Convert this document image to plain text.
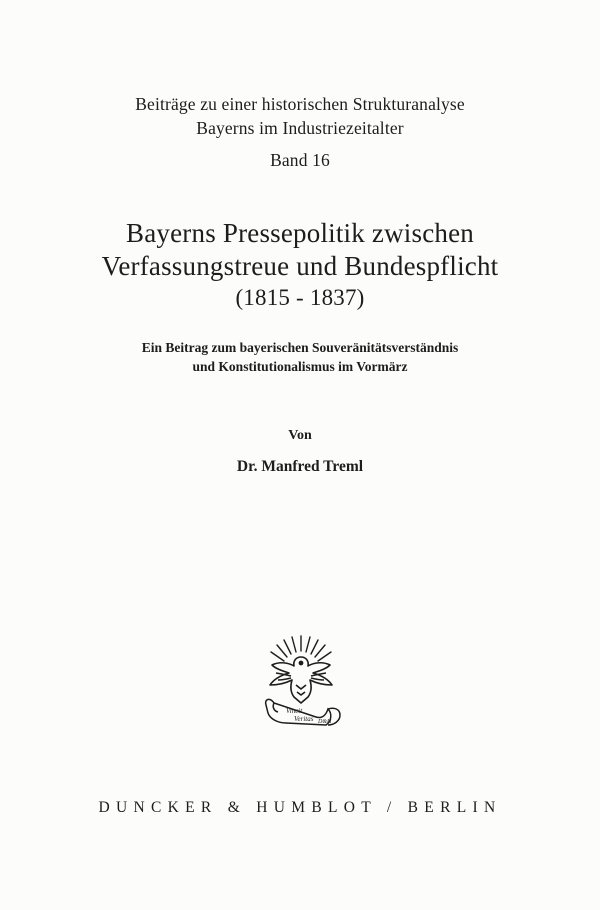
Beiträge zu einer historischen Strukturanalyse
Bayerns im Industriezeitalter
Band 16
Bayerns Pressepolitik zwischen
Verfassungstreue und Bundespflicht
(1815 - 1837)
Ein Beitrag zum bayerischen Souveränitätsverständnis
und Konstitutionalismus im Vormärz
Von
Dr. Manfred Treml
Vincit
Veritas D&H
DUNCKER & HUMBLOT / BERLIN
